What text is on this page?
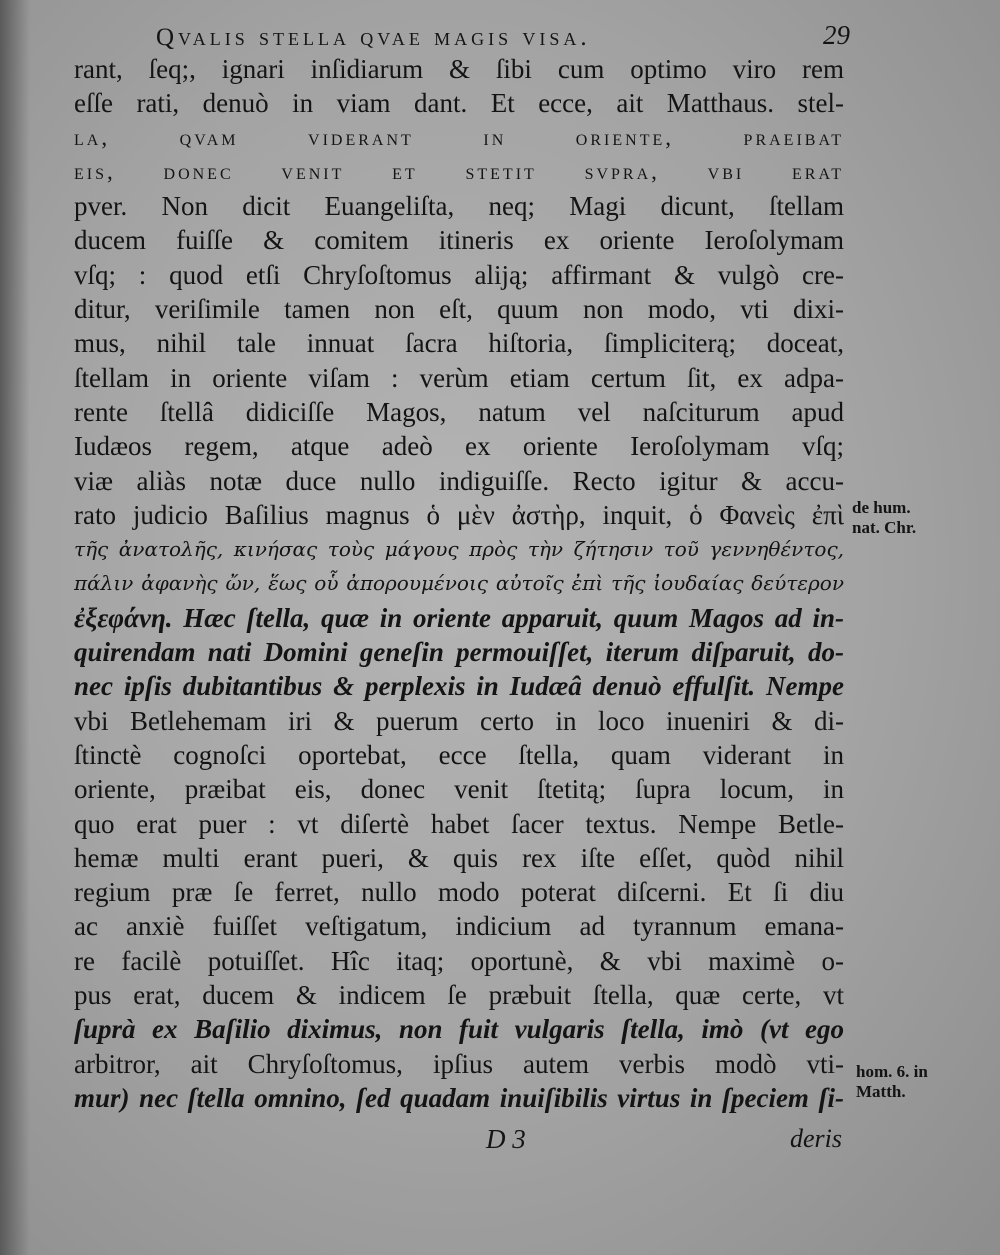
Qvalis stella qvae magis visa.	29
rant, ſeq;, ignari inſidiarum & ſibi cum optimo viro rem
eſſe rati, denuò in viam dant. Et ecce, ait Matthaus. stel-
la, qvam viderant in oriente, praeibat
eis, donec venit et stetit svpra, vbi erat
pver. Non dicit Euangeliſta, neq; Magi dicunt, ſtellam
ducem fuiſſe & comitem itineris ex oriente Ieroſolymam
vſq; : quod etſi Chryſoſtomus aliją; affirmant & vulgò cre-
ditur, veriſimile tamen non eſt, quum non modo, vti dixi-
mus, nihil tale innuat ſacra hiſtoria, ſimpliciterą; doceat,
ſtellam in oriente viſam : verùm etiam certum ſit, ex adpa-
rente ſtellâ didiciſſe Magos, natum vel naſciturum apud
Iudæos regem, atque adeò ex oriente Ieroſolymam vſq;
viæ aliàs notæ duce nullo indiguiſſe. Recto igitur & accu-
rato judicio Baſilius magnus ὁ μὲν ἀστὴρ, inquit, ὁ Φανεὶς ἐπὶ
τῆς ἀνατολῆς, κινήσας τοὺς μάγους πρὸς τὴν ζήτησιν τοῦ γεννηθέντος,
πάλιν ἀφανὴς ὤν, ἕως οὗ ἀπορουμένοις αὐτοῖς ἐπὶ τῆς ἰουδαίας δεύτερον
ἐξεφάνη. Hæc ſtella, quæ in oriente apparuit, quum Magos ad in-
quirendam nati Domini geneſin permouiſſet, iterum diſparuit, do-
nec ipſis dubitantibus & perplexis in Iudæâ denuò effulſit. Nempe
vbi Betlehemam iri & puerum certo in loco inueniri & di-
ſtinctè cognoſci oportebat, ecce ſtella, quam viderant in
oriente, præibat eis, donec venit ſtetitą; ſupra locum, in
quo erat puer : vt diſertè habet ſacer textus. Nempe Betle-
hemæ multi erant pueri, & quis rex iſte eſſet, quòd nihil
regium præ ſe ferret, nullo modo poterat diſcerni. Et ſi diu
ac anxiè fuiſſet veſtigatum, indicium ad tyrannum emana-
re facilè potuiſſet. Hîc itaq; oportunè, & vbi maximè o-
pus erat, ducem & indicem ſe præbuit ſtella, quæ certe, vt
ſuprà ex Baſilio diximus, non fuit vulgaris ſtella, imò (vt ego
arbitror, ait Chryſoſtomus, ipſius autem verbis modò vti-
mur) nec ſtella omnino, ſed quadam inuiſibilis virtus in ſpeciem ſi-
de hum.
nat. Chr.
hom. 6. in
Matth.
D 3	deris
